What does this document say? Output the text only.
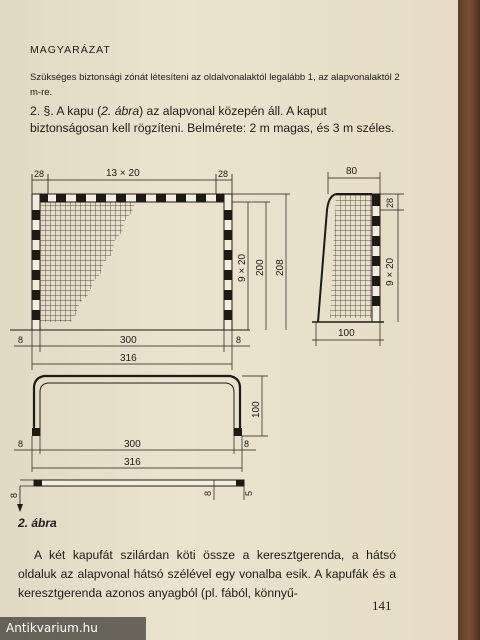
MAGYARÁZAT
Szükséges biztonsági zónát létesíteni az oldalvonalaktól legalább 1, az alapvonalaktól 2 m-re.
2. §. A kapu (2. ábra) az alapvonal közepén áll. A kaput biztonságosan kell rögzíteni. Belmérete: 2 m magas, és 3 m széles.
28	13 × 20	28
9 × 20 200 208
8	300	8
316
80
28
9 × 20
100
100
8	300	8
316
8	8	5
2. ábra
A két kapufát szilárdan köti össze a keresztgerenda, a hátsó oldaluk az alapvonal hátsó szélével egy vonalba esik. A kapufák és a keresztgerenda azonos anyagból (pl. fából, könnyű-
141
Antikvarium.hu
